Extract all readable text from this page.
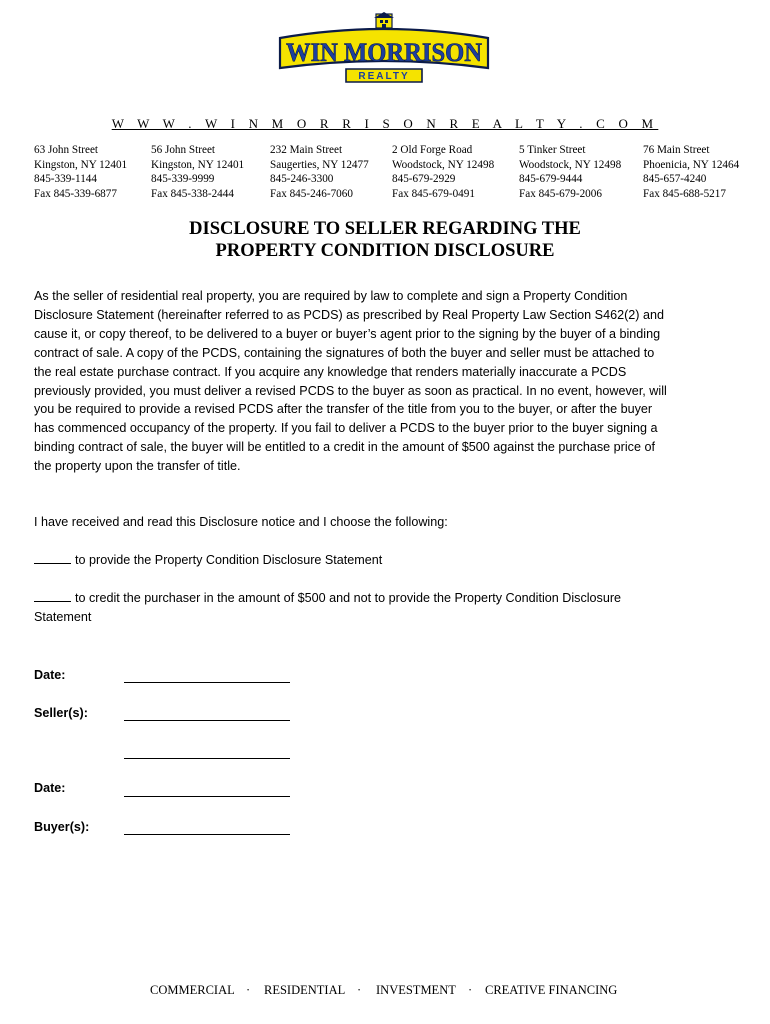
WIN MORRISON
REALTY
W W W . W I N M O R R I S O N R E A L T Y . C O M
63 John Street
Kingston, NY 12401
845-339-1144
Fax 845-339-6877
56 John Street
Kingston, NY 12401
845-339-9999
Fax 845-338-2444
232 Main Street
Saugerties, NY 12477
845-246-3300
Fax 845-246-7060
2 Old Forge Road
Woodstock, NY 12498
845-679-2929
Fax 845-679-0491
5 Tinker Street
Woodstock, NY 12498
845-679-9444
Fax 845-679-2006
76 Main Street
Phoenicia, NY 12464
845-657-4240
Fax 845-688-5217
DISCLOSURE TO SELLER REGARDING THE
PROPERTY CONDITION DISCLOSURE
As the seller of residential real property, you are required by law to complete and sign a Property Condition
Disclosure Statement (hereinafter referred to as PCDS) as prescribed by Real Property Law Section S462(2) and
cause it, or copy thereof, to be delivered to a buyer or buyer’s agent prior to the signing by the buyer of a binding
contract of sale. A copy of the PCDS, containing the signatures of both the buyer and seller must be attached to
the real estate purchase contract. If you acquire any knowledge that renders materially inaccurate a PCDS
previously provided, you must deliver a revised PCDS to the buyer as soon as practical. In no event, however, will
you be required to provide a revised PCDS after the transfer of the title from you to the buyer, or after the buyer
has commenced occupancy of the property. If you fail to deliver a PCDS to the buyer prior to the buyer signing a
binding contract of sale, the buyer will be entitled to a credit in the amount of $500 against the purchase price of
the property upon the transfer of title.
I have received and read this Disclosure notice and I choose the following:
to provide the Property Condition Disclosure Statement
to credit the purchaser in the amount of $500 and not to provide the Property Condition Disclosure
Statement
Date:
Seller(s):
Date:
Buyer(s):
COMMERCIAL · RESIDENTIAL · INVESTMENT · CREATIVE FINANCING
